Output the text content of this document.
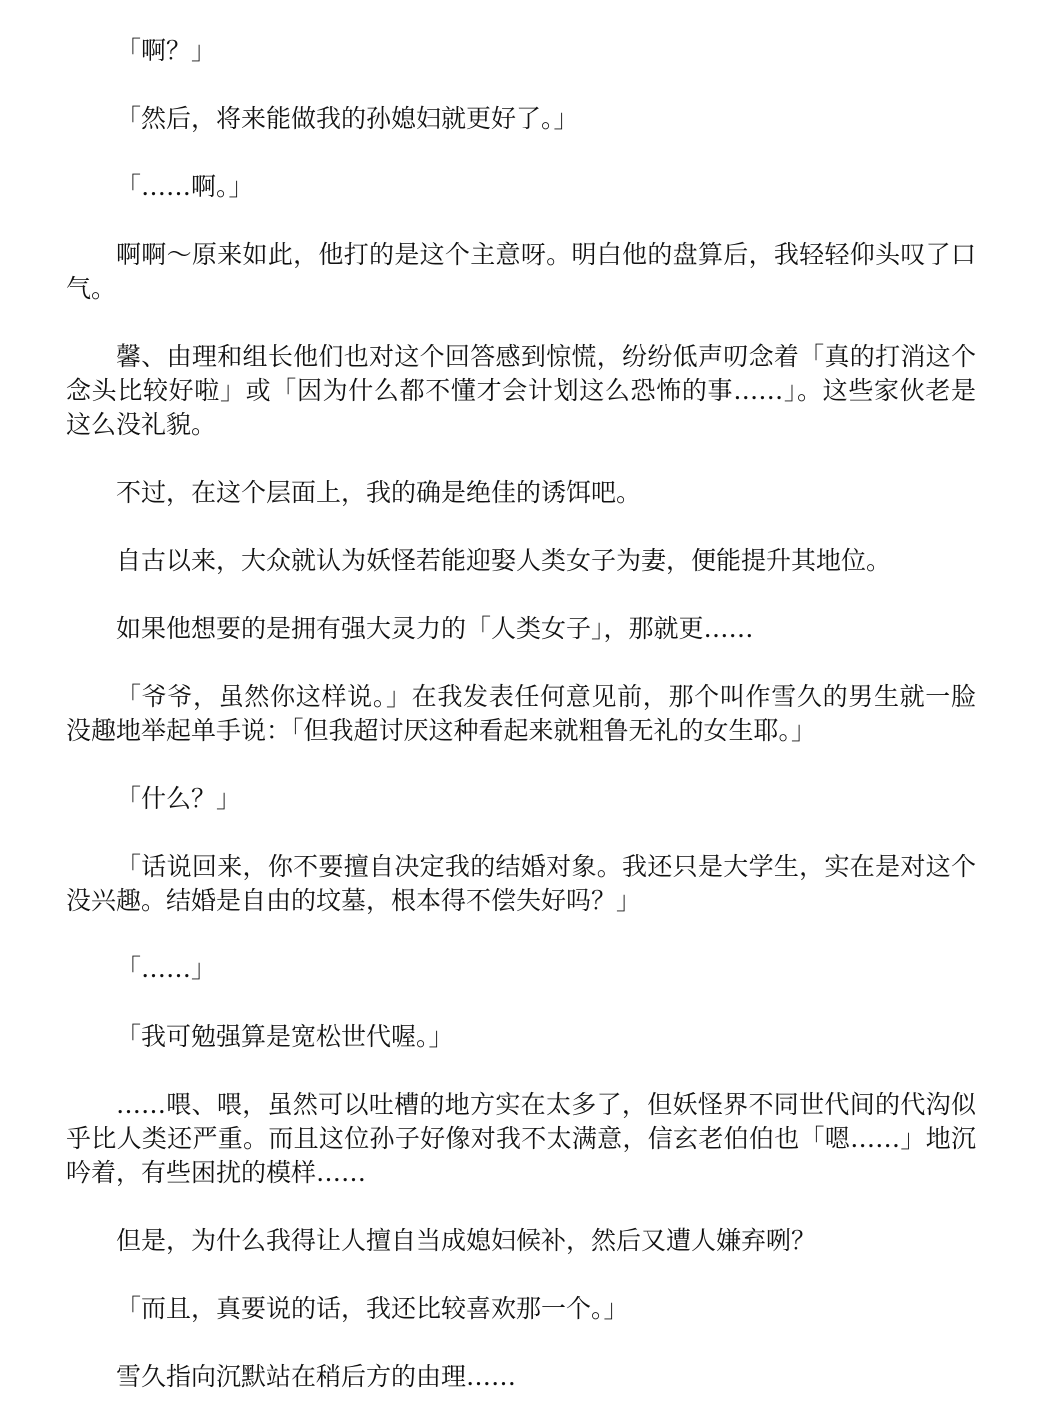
「啊？」

「然后，将来能做我的孙媳妇就更好了。」

「……啊。」

啊啊～原来如此，他打的是这个主意呀。明白他的盘算后，我轻轻仰头叹了口气。

馨、由理和组长他们也对这个回答感到惊慌，纷纷低声叨念着「真的打消这个念头比较好啦」或「因为什么都不懂才会计划这么恐怖的事……」。这些家伙老是这么没礼貌。

不过，在这个层面上，我的确是绝佳的诱饵吧。

自古以来，大众就认为妖怪若能迎娶人类女子为妻，便能提升其地位。

如果他想要的是拥有强大灵力的「人类女子」，那就更……

「爷爷，虽然你这样说。」在我发表任何意见前，那个叫作雪久的男生就一脸没趣地举起单手说：「但我超讨厌这种看起来就粗鲁无礼的女生耶。」

「什么？」

「话说回来，你不要擅自决定我的结婚对象。我还只是大学生，实在是对这个没兴趣。结婚是自由的坟墓，根本得不偿失好吗？」

「……」

「我可勉强算是宽松世代喔。」

……喂、喂，虽然可以吐槽的地方实在太多了，但妖怪界不同世代间的代沟似乎比人类还严重。而且这位孙子好像对我不太满意，信玄老伯伯也「嗯……」地沉吟着，有些困扰的模样……

但是，为什么我得让人擅自当成媳妇候补，然后又遭人嫌弃咧？

「而且，真要说的话，我还比较喜欢那一个。」

雪久指向沉默站在稍后方的由理……
